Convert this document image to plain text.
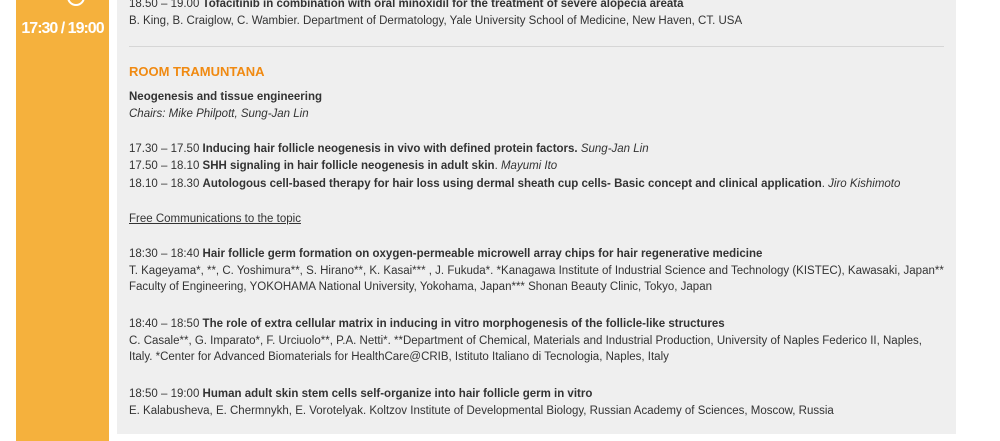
17:30 / 19:00
18.50 – 19.00 Tofacitinib in combination with oral minoxidil for the treatment of severe alopecia areata
B. King, B. Craiglow, C. Wambier. Department of Dermatology, Yale University School of Medicine, New Haven, CT. USA
ROOM TRAMUNTANA
Neogenesis and tissue engineering
Chairs: Mike Philpott, Sung-Jan Lin
17.30 – 17.50 Inducing hair follicle neogenesis in vivo with defined protein factors. Sung-Jan Lin
17.50 – 18.10 SHH signaling in hair follicle neogenesis in adult skin. Mayumi Ito
18.10 – 18.30 Autologous cell-based therapy for hair loss using dermal sheath cup cells- Basic concept and clinical application. Jiro Kishimoto
Free Communications to the topic
18:30 – 18:40 Hair follicle germ formation on oxygen-permeable microwell array chips for hair regenerative medicine
T. Kageyama*, **, C. Yoshimura**, S. Hirano**, K. Kasai*** , J. Fukuda*. *Kanagawa Institute of Industrial Science and Technology (KISTEC), Kawasaki, Japan** Faculty of Engineering, YOKOHAMA National University, Yokohama, Japan*** Shonan Beauty Clinic, Tokyo, Japan
18:40 – 18:50 The role of extra cellular matrix in inducing in vitro morphogenesis of the follicle-like structures
C. Casale**, G. Imparato*, F. Urciuolo**, P.A. Netti*. **Department of Chemical, Materials and Industrial Production, University of Naples Federico II, Naples, Italy. *Center for Advanced Biomaterials for HealthCare@CRIB, Istituto Italiano di Tecnologia, Naples, Italy
18:50 – 19:00 Human adult skin stem cells self-organize into hair follicle germ in vitro
E. Kalabusheva, E. Chermnykh, E. Vorotelyak. Koltzov Institute of Developmental Biology, Russian Academy of Sciences, Moscow, Russia
